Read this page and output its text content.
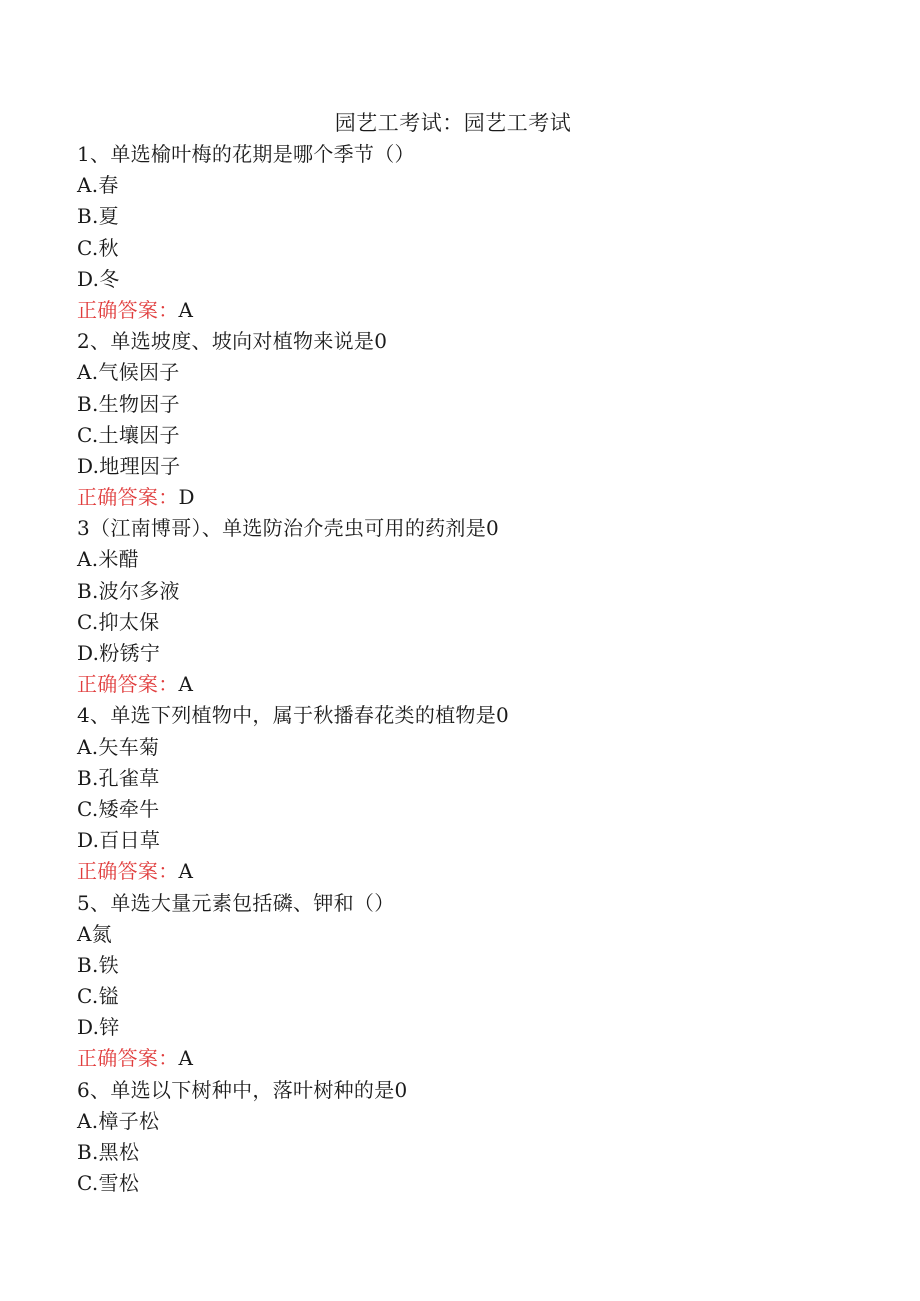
园艺工考试：园艺工考试
1、单选榆叶梅的花期是哪个季节（）
A.春
B.夏
C.秋
D.冬
正确答案：A
2、单选坡度、坡向对植物来说是0
A.气候因子
B.生物因子
C.土壤因子
D.地理因子
正确答案：D
3（江南博哥）、单选防治介壳虫可用的药剂是0
A.米醋
B.波尔多液
C.抑太保
D.粉锈宁
正确答案：A
4、单选下列植物中，属于秋播春花类的植物是0
A.矢车菊
B.孔雀草
C.矮牵牛
D.百日草
正确答案：A
5、单选大量元素包括磷、钾和（）
A氮
B.铁
C.镒
D.锌
正确答案：A
6、单选以下树种中，落叶树种的是0
A.樟子松
B.黑松
C.雪松
